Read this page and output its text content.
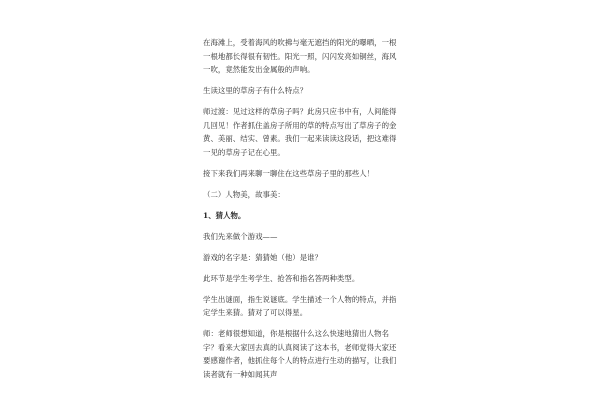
在海滩上，受着海风的吹拂与毫无遮挡的阳光的曝晒，一根一根地都长得很有韧性。阳光一照，闪闪发亮如铜丝，海风一吹，竟然能发出金属般的声响。

生读这里的草房子有什么特点？

师过渡：见过这样的草房子吗？此房只应书中有，人间能得几回见！作者抓住盖房子所用的草的特点写出了草房子的金黄、美丽、结实、曾素。我们一起来读读这段话，把这难得一见的草房子记在心里。

接下来我们再来聊一聊住在这些草房子里的那些人！

（二）人物美，故事美：

1、猜人物。

我们先来做个游戏——

游戏的名字是：猜猜她（他）是谁？

此环节是学生考学生、抢答和指名答两种类型。

学生出谜面，指生说谜底。学生描述一个人物的特点，并指定学生来猜。猜对了可以得星。

师：老师很想知道，你是根据什么这么快速地猜出人物名字？看来大家回去真的认真阅读了这本书，老师觉得大家还要感谢作者，他抓住每个人的特点进行生动的描写，让我们读者就有一种如闻其声
